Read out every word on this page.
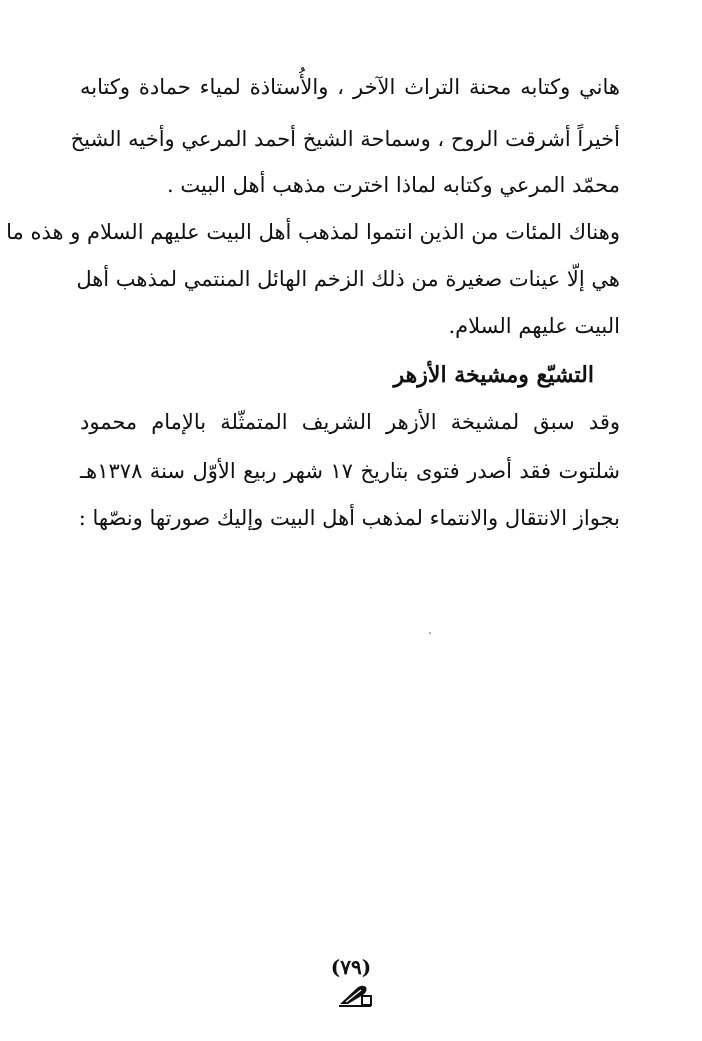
هاني وكتابه محنة التراث الآخر ، والأُستاذة لمياء حمادة وكتابه
أخيراً أشرقت الروح ، وسماحة الشيخ أحمد المرعي وأخيه الشيخ
محمّد المرعي وكتابه لماذا اخترت مذهب أهل البيت .
وهناك المئات من الذين انتموا لمذهب أهل البيت عليهم السلام و هذه ما
هي إلّا عينات صغيرة من ذلك الزخم الهائل المنتمي لمذهب أهل
البيت عليهم السلام.
التشيّع ومشيخة الأزهر
وقد سبق لمشيخة الأزهر الشريف المتمثّلة بالإمام محمود
شلتوت فقد أصدر فتوى بتاريخ ١٧ شهر ربيع الأوّل سنة ١٣٧٨هـ
بجواز الانتقال والانتماء لمذهب أهل البيت وإليك صورتها ونصّها :
(٧٩)
